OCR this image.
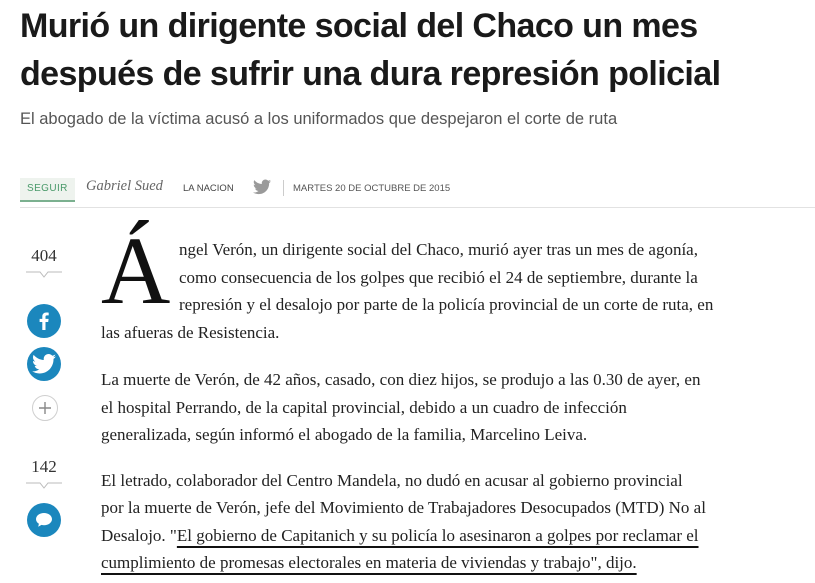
Murió un dirigente social del Chaco un mes después de sufrir una dura represión policial

El abogado de la víctima acusó a los uniformados que despejaron el corte de ruta

SEGUIR	Gabriel Sued LA NACION	MARTES 20 DE OCTUBRE DE 2015
404
142
Á ngel Verón, un dirigente social del Chaco, murió ayer tras un mes de agonía,

como consecuencia de los golpes que recibió el 24 de septiembre, durante la

represión y el desalojo por parte de la policía provincial de un corte de ruta, en

las afueras de Resistencia.

La muerte de Verón, de 42 años, casado, con diez hijos, se produjo a las 0.30 de ayer, en

el hospital Perrando, de la capital provincial, debido a un cuadro de infección

generalizada, según informó el abogado de la familia, Marcelino Leiva.

El letrado, colaborador del Centro Mandela, no dudó en acusar al gobierno provincial

por la muerte de Verón, jefe del Movimiento de Trabajadores Desocupados (MTD) No al

Desalojo. "El gobierno de Capitanich y su policía lo asesinaron a golpes por reclamar el

cumplimiento de promesas electorales en materia de viviendas y trabajo", dijo.
